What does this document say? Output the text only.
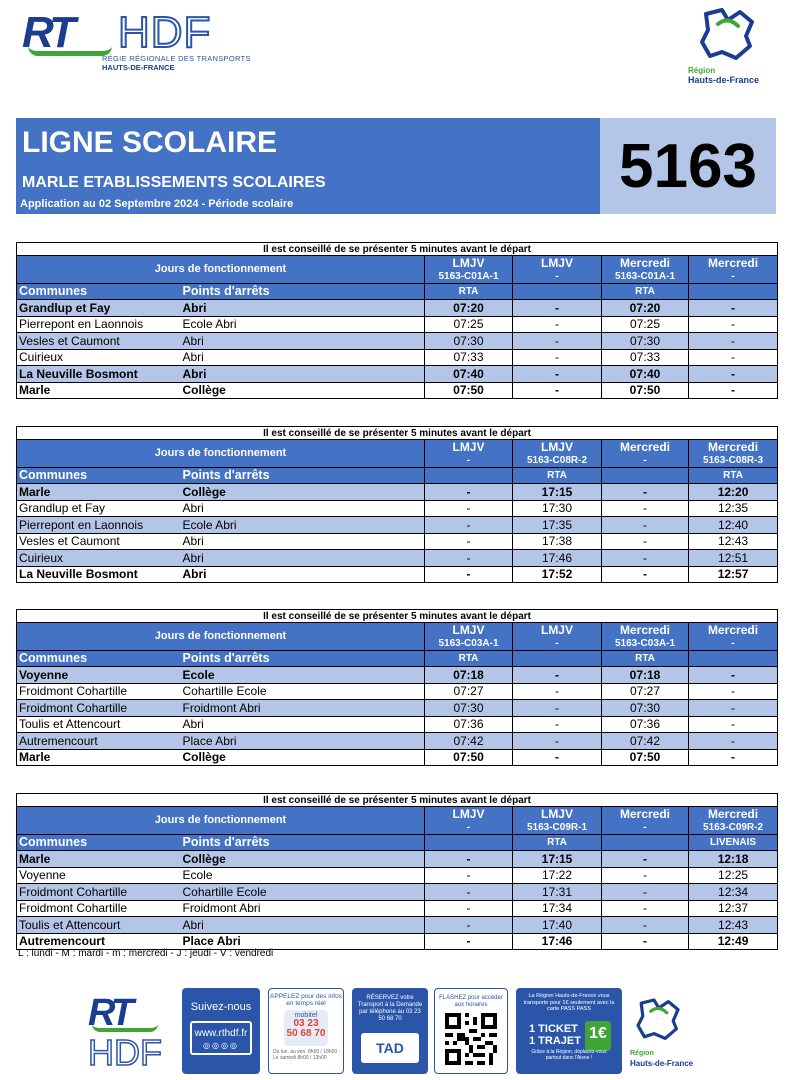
RT HDF
RÉGIE RÉGIONALE DES TRANSPORTS
HAUTS-DE-FRANCE	Région
Hauts-de-France
LIGNE SCOLAIRE
MARLE ETABLISSEMENTS SCOLAIRES
Application au 02 Septembre 2024 - Période scolaire
5163
Il est conseillé de se présenter 5 minutes avant le départ					
Jours de fonctionnement		LMJV	LMJV	Mercredi	Mercredi
		5163-C01A-1	-	5163-C01A-1	-
Communes	Points d'arrêts	RTA		RTA	
Grandlup et Fay	Abri	07:20	-	07:20	-
Pierrepont en Laonnois	Ecole Abri	07:25	-	07:25	-
Vesles et Caumont	Abri	07:30	-	07:30	-
Cuirieux	Abri	07:33	-	07:33	-
La Neuville Bosmont	Abri	07:40	-	07:40	-
Marle	Collège	07:50	-	07:50	-
Il est conseillé de se présenter 5 minutes avant le départ					
Jours de fonctionnement		LMJV	LMJV	Mercredi	Mercredi
		-	5163-C08R-2	-	5163-C08R-3
Communes	Points d'arrêts		RTA		RTA
Marle	Collège	-	17:15	-	12:20
Grandlup et Fay	Abri	-	17:30	-	12:35
Pierrepont en Laonnois	Ecole Abri	-	17:35	-	12:40
Vesles et Caumont	Abri	-	17:38	-	12:43
Cuirieux	Abri	-	17:46	-	12:51
La Neuville Bosmont	Abri	-	17:52	-	12:57
Il est conseillé de se présenter 5 minutes avant le départ					
Jours de fonctionnement		LMJV	LMJV	Mercredi	Mercredi
		5163-C03A-1	-	5163-C03A-1	-
Communes	Points d'arrêts	RTA		RTA	
Voyenne	Ecole	07:18	-	07:18	-
Froidmont Cohartille	Cohartille Ecole	07:27	-	07:27	-
Froidmont Cohartille	Froidmont Abri	07:30	-	07:30	-
Toulis et Attencourt	Abri	07:36	-	07:36	-
Autremencourt	Place Abri	07:42	-	07:42	-
Marle	Collège	07:50	-	07:50	-
Il est conseillé de se présenter 5 minutes avant le départ					
Jours de fonctionnement		LMJV	LMJV	Mercredi	Mercredi
		-	5163-C09R-1	-	5163-C09R-2
Communes	Points d'arrêts		RTA		LIVENAIS
Marle	Collège	-	17:15	-	12:18
Voyenne	Ecole	-	17:22	-	12:25
Froidmont Cohartille	Cohartille Ecole	-	17:31	-	12:34
Froidmont Cohartille	Froidmont Abri	-	17:34	-	12:37
Toulis et Attencourt	Abri	-	17:40	-	12:43
Autremencourt	Place Abri	-	17:46	-	12:49
L : lundi - M : mardi - m : mercredi - J : jeudi - V : vendredi
RT
HDF
Suivez-nous
www.rthdf.fr
◎◎◎◎
APPELEZ pour des infos en temps réel
mobitel
03 23
50 68 70
Du lun. au ven. 8h00 / 18h00 - Le samedi 8h00 / 13h00
RÉSERVEZ votre Transport à la Demande par téléphone au 03 23 50 68 70
TAD
FLASHEZ pour accéder aux horaires
La Région Hauts-de-France vous transporte pour 1€ seulement avec la carte PASS PASS
1 TICKET
1 TRAJET 1€
Grâce à la Région, déplacez-vous partout dans l'Aisne !
Région
Hauts-de-France
